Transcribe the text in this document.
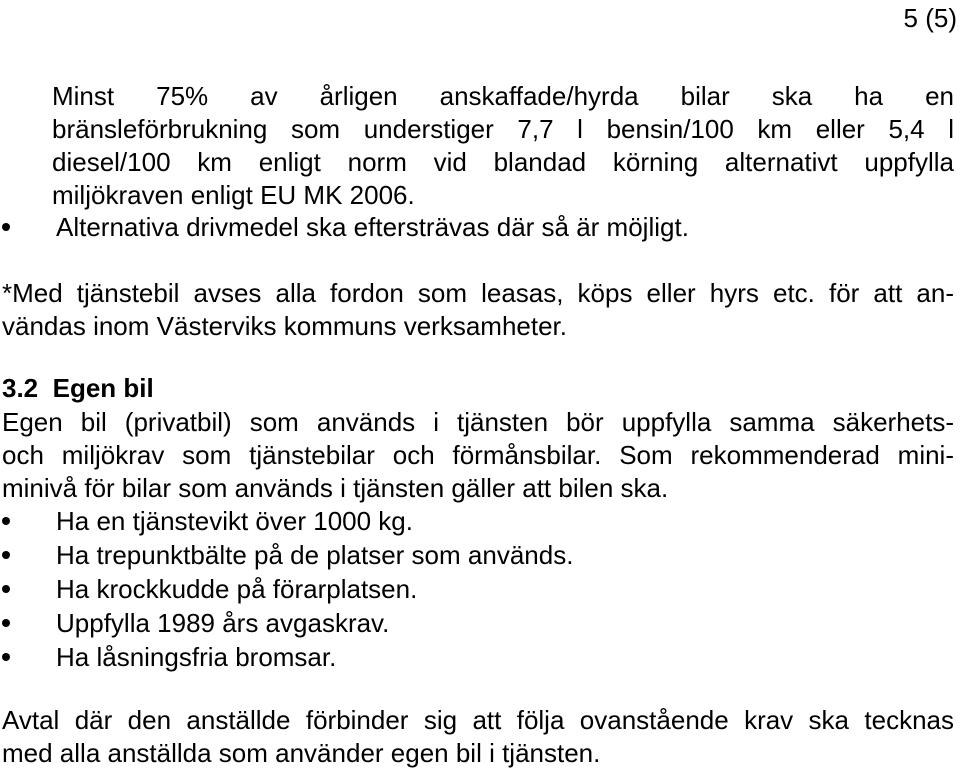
5 (5)
Minst 75% av årligen anskaffade/hyrda bilar ska ha en
bränsleförbrukning som understiger 7,7 l bensin/100 km eller 5,4 l
diesel/100 km enligt norm vid blandad körning alternativt uppfylla
miljökraven enligt EU MK 2006.
Alternativa drivmedel ska eftersträvas där så är möjligt.
*Med tjänstebil avses alla fordon som leasas, köps eller hyrs etc. för att an-
vändas inom Västerviks kommuns verksamheter.
3.2 Egen bil
Egen bil (privatbil) som används i tjänsten bör uppfylla samma säkerhets-
och miljökrav som tjänstebilar och förmånsbilar. Som rekommenderad mini-
minivå för bilar som används i tjänsten gäller att bilen ska.
Ha en tjänstevikt över 1000 kg.
Ha trepunktbälte på de platser som används.
Ha krockkudde på förarplatsen.
Uppfylla 1989 års avgaskrav.
Ha låsningsfria bromsar.
Avtal där den anställde förbinder sig att följa ovanstående krav ska tecknas
med alla anställda som använder egen bil i tjänsten.
